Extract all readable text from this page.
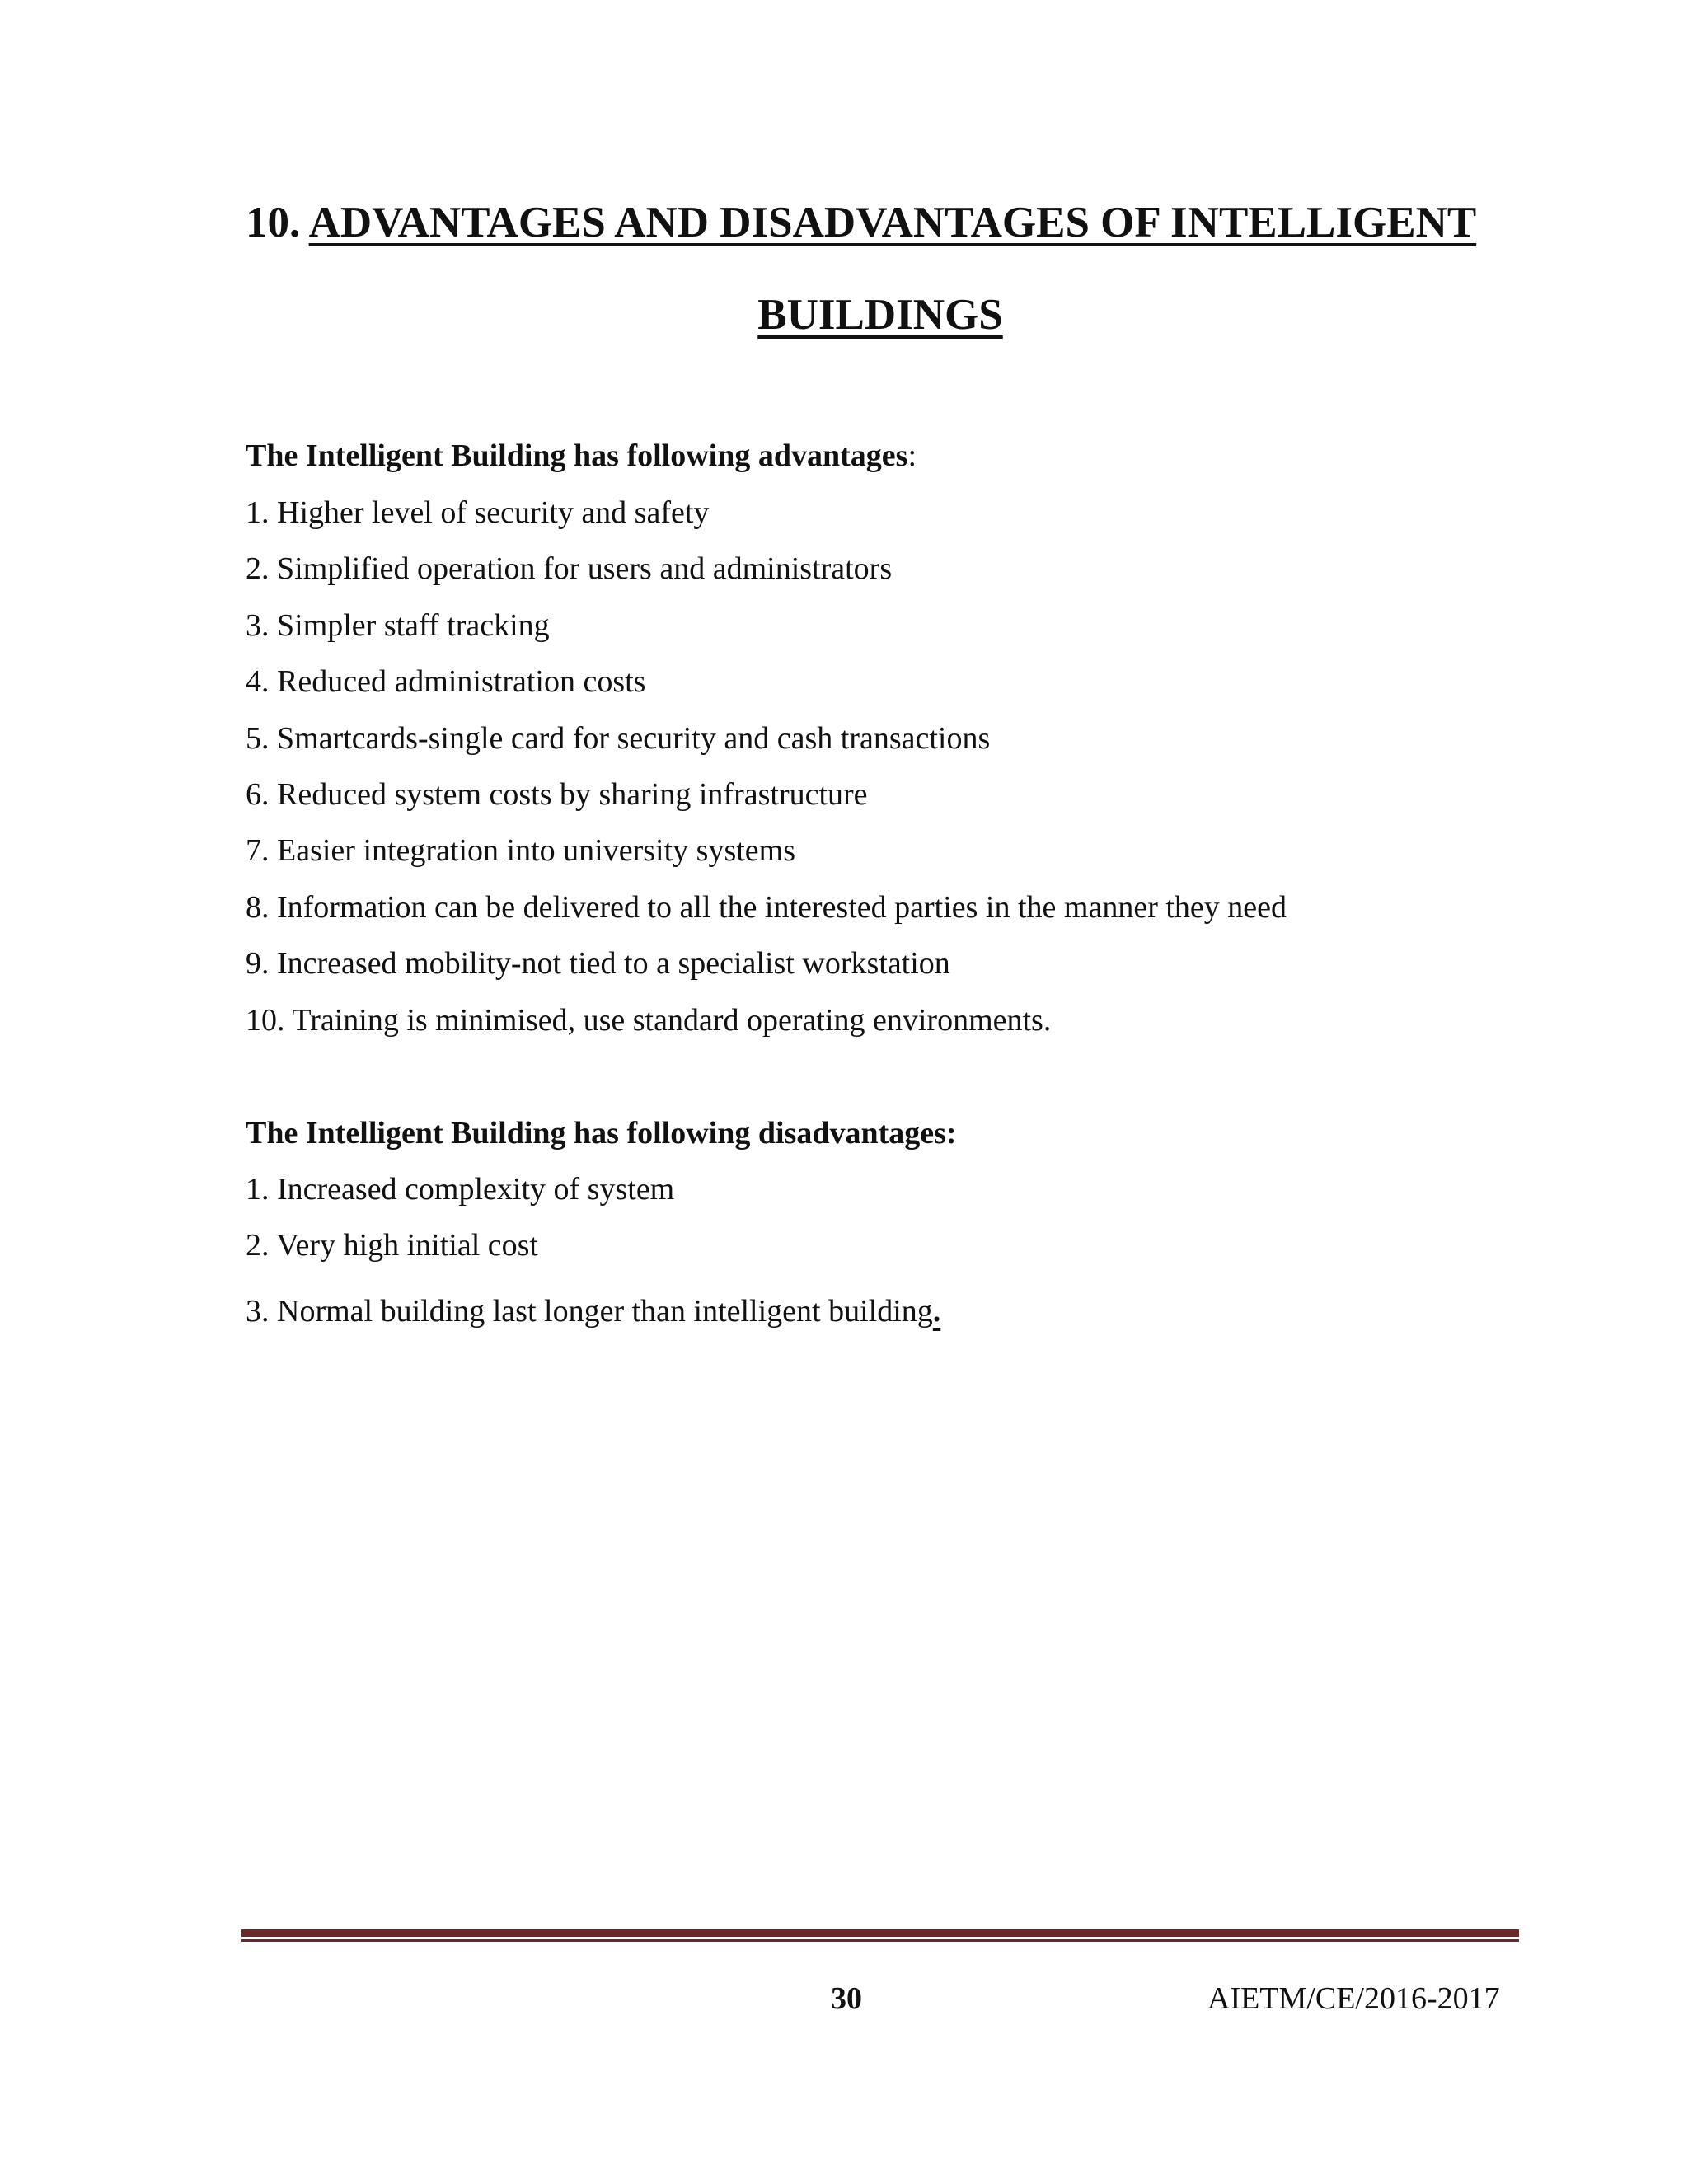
10. ADVANTAGES AND DISADVANTAGES OF INTELLIGENT
BUILDINGS
The Intelligent Building has following advantages:
1. Higher level of security and safety
2. Simplified operation for users and administrators
3. Simpler staff tracking
4. Reduced administration costs
5. Smartcards-single card for security and cash transactions
6. Reduced system costs by sharing infrastructure
7. Easier integration into university systems
8. Information can be delivered to all the interested parties in the manner they need
9. Increased mobility-not tied to a specialist workstation
10. Training is minimised, use standard operating environments.
The Intelligent Building has following disadvantages:
1. Increased complexity of system
2. Very high initial cost
3. Normal building last longer than intelligent building.
30	AIETM/CE/2016-2017
